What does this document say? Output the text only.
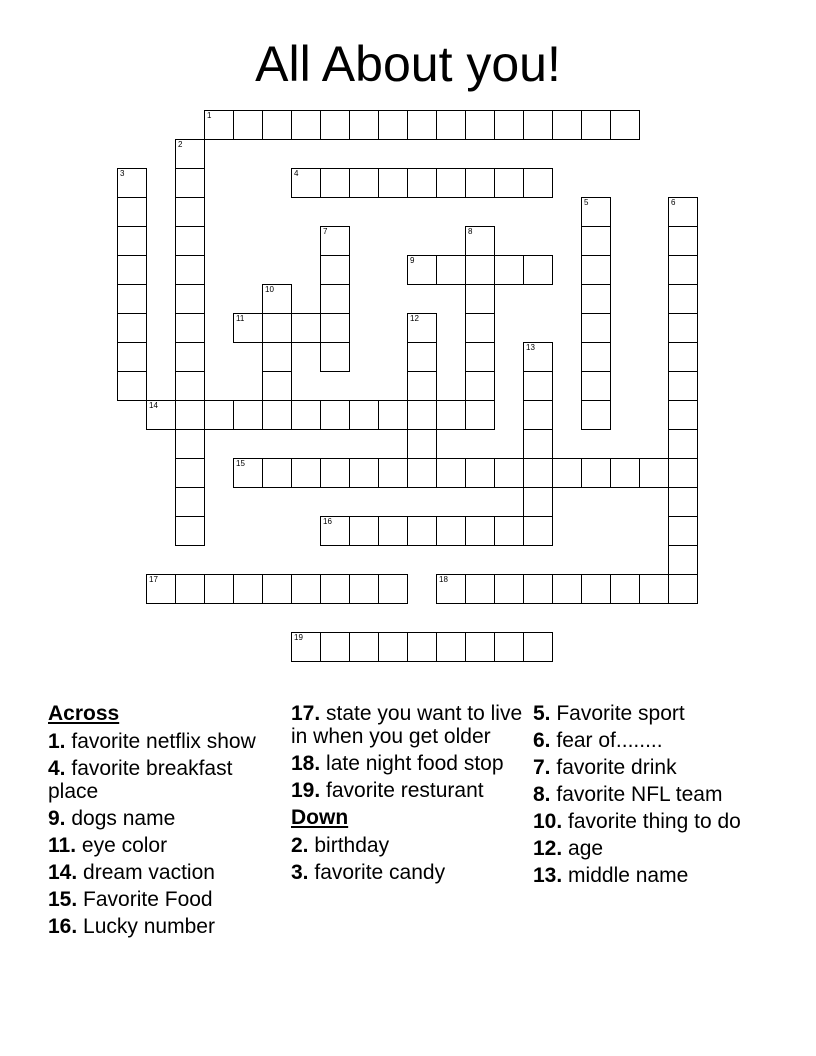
All About you!
1
2
3	4
5	6
7	8
9
10
11	12
13
14
15
16
17	18
19
Across
1. favorite netflix show
4. favorite breakfast place
9. dogs name
11. eye color
14. dream vaction
15. Favorite Food
16. Lucky number
17. state you want to live in when you get older
18. late night food stop
19. favorite resturant
Down
2. birthday
3. favorite candy
5. Favorite sport
6. fear of........
7. favorite drink
8. favorite NFL team
10. favorite thing to do
12. age
13. middle name
